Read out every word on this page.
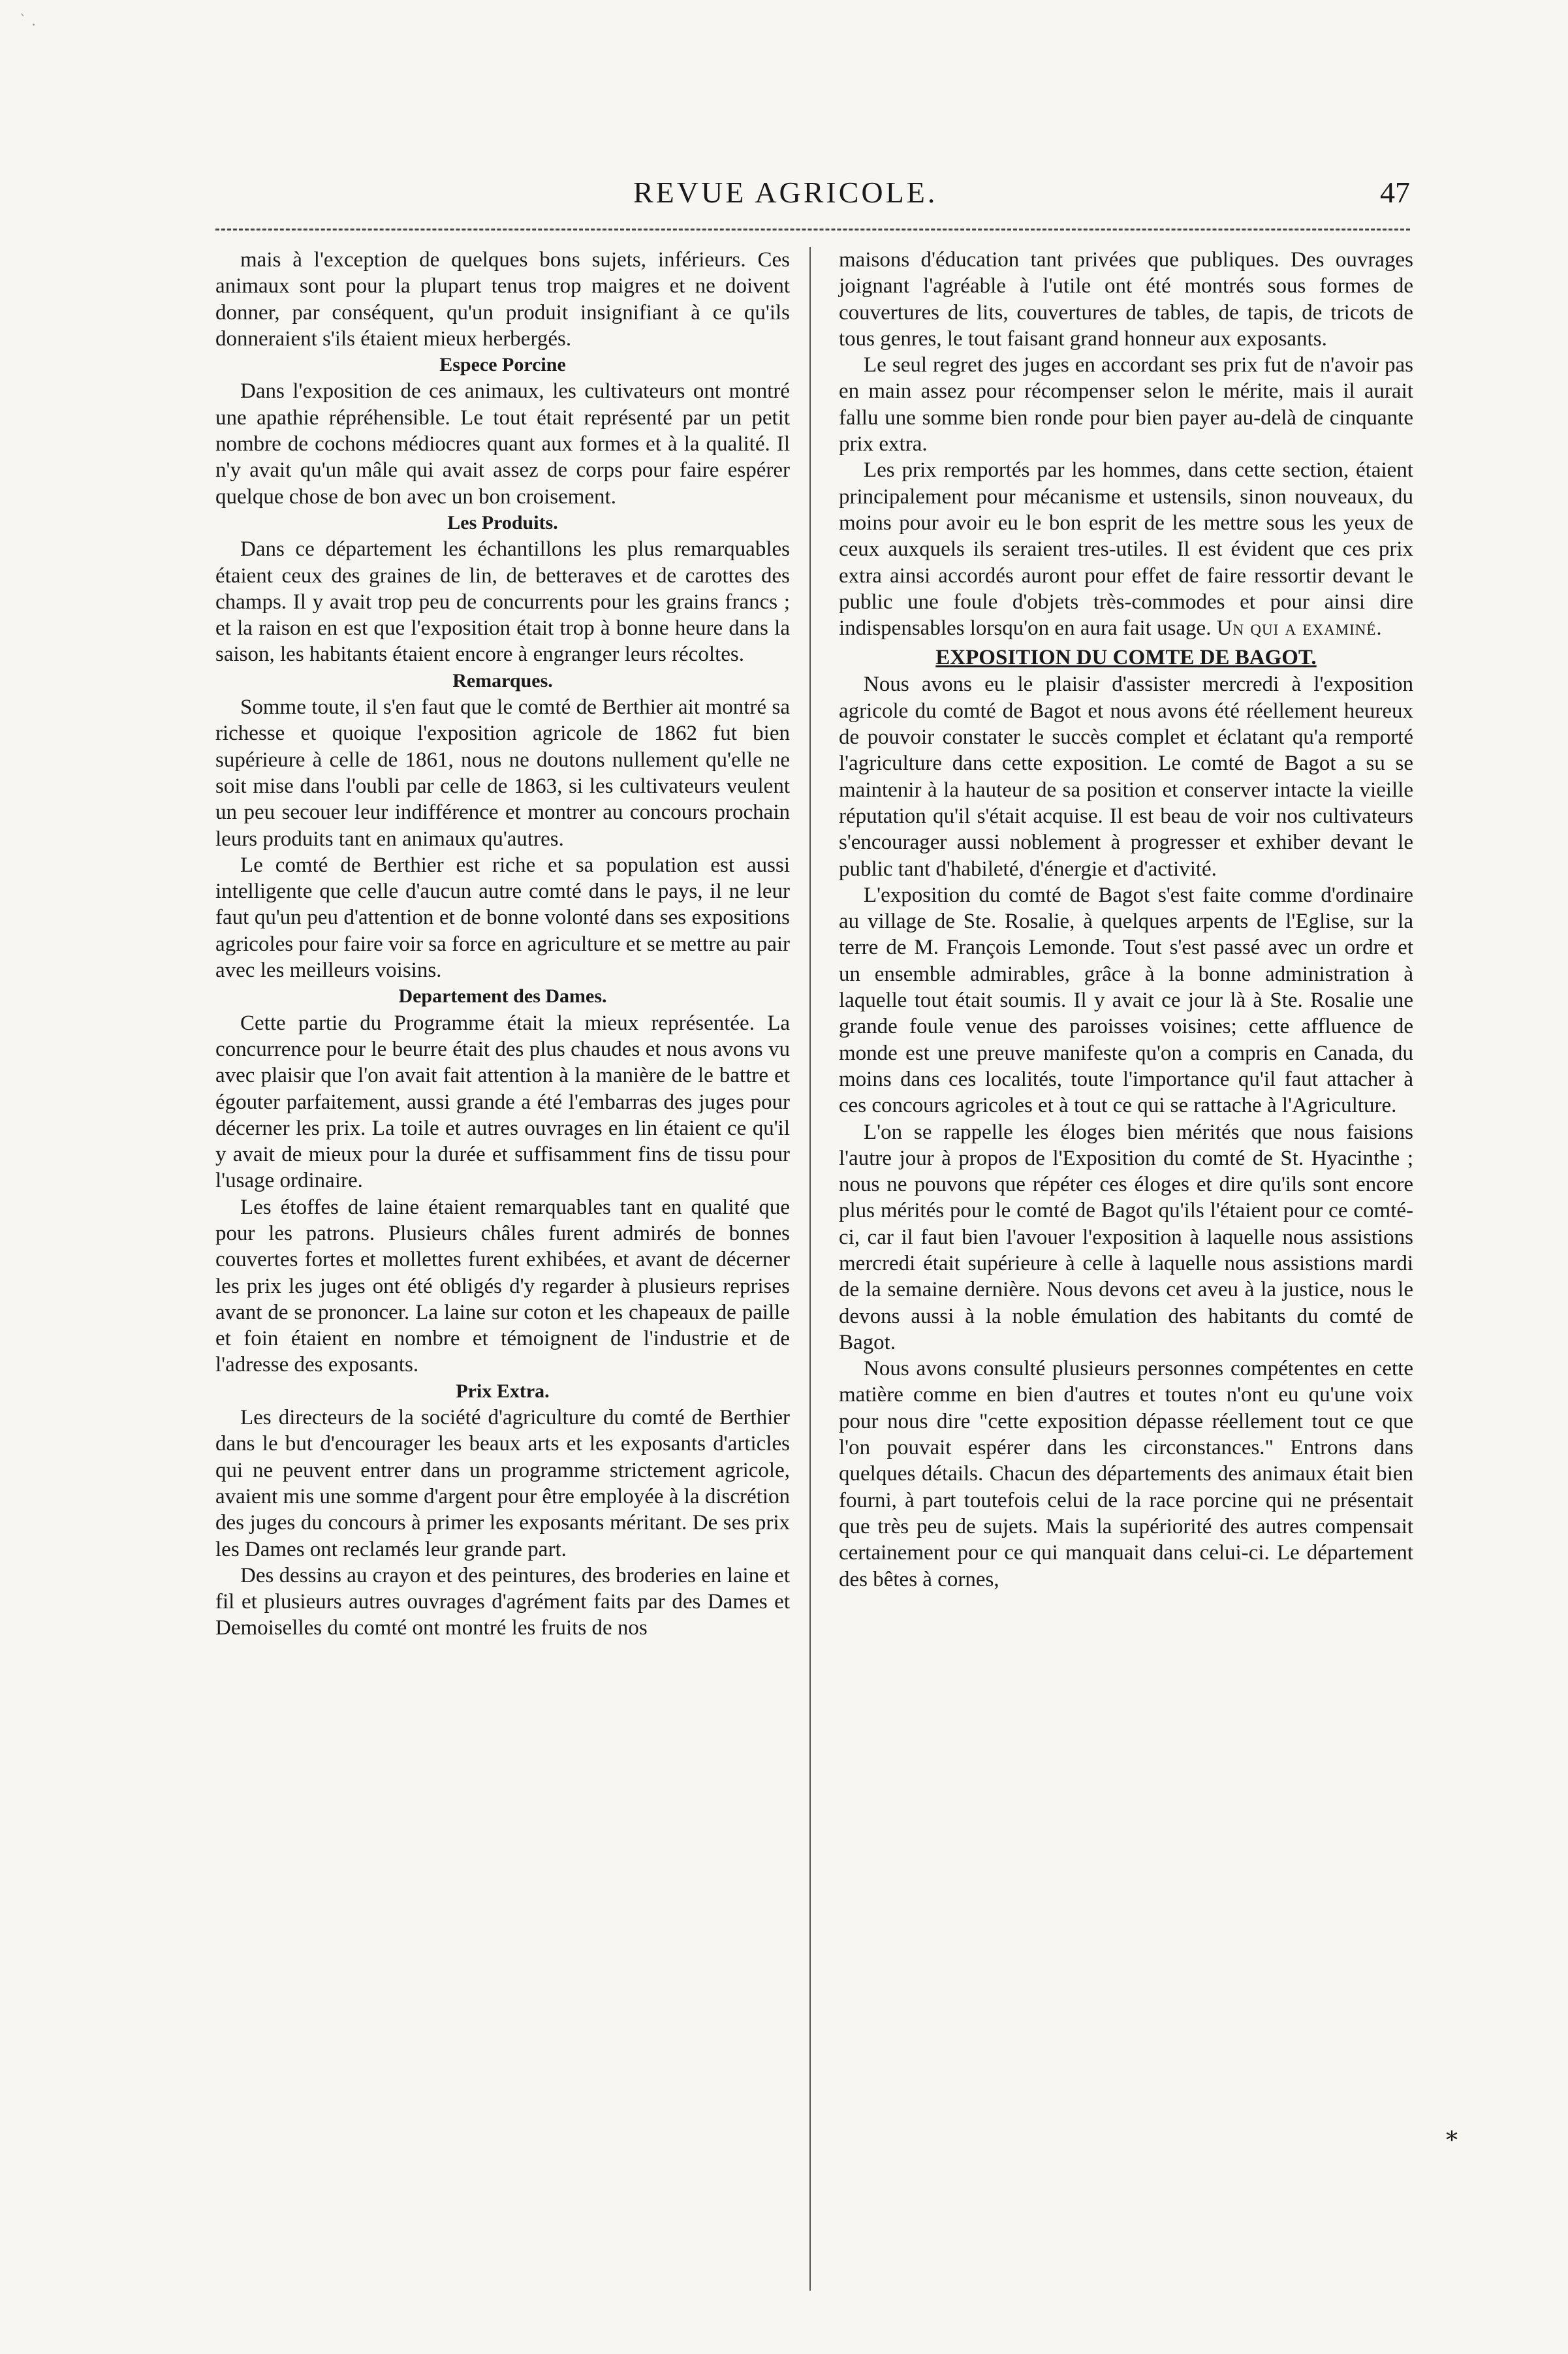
` .
REVUE AGRICOLE.	47

mais à l'exception de quelques bons sujets, inférieurs. Ces animaux sont pour la plupart tenus trop maigres et ne doivent donner, par conséquent, qu'un produit insignifiant à ce qu'ils donneraient s'ils étaient mieux herbergés.

Espece Porcine

Dans l'exposition de ces animaux, les cultivateurs ont montré une apathie répréhensible. Le tout était représenté par un petit nombre de cochons médiocres quant aux formes et à la qualité. Il n'y avait qu'un mâle qui avait assez de corps pour faire espérer quelque chose de bon avec un bon croisement.

Les Produits.

Dans ce département les échantillons les plus remarquables étaient ceux des graines de lin, de betteraves et de carottes des champs. Il y avait trop peu de concurrents pour les grains francs ; et la raison en est que l'exposition était trop à bonne heure dans la saison, les habitants étaient encore à engranger leurs récoltes.

Remarques.

Somme toute, il s'en faut que le comté de Berthier ait montré sa richesse et quoique l'exposition agricole de 1862 fut bien supérieure à celle de 1861, nous ne doutons nullement qu'elle ne soit mise dans l'oubli par celle de 1863, si les cultivateurs veulent un peu secouer leur indifférence et montrer au concours prochain leurs produits tant en animaux qu'autres.

Le comté de Berthier est riche et sa population est aussi intelligente que celle d'aucun autre comté dans le pays, il ne leur faut qu'un peu d'attention et de bonne volonté dans ses expositions agricoles pour faire voir sa force en agriculture et se mettre au pair avec les meilleurs voisins.

Departement des Dames.

Cette partie du Programme était la mieux représentée. La concurrence pour le beurre était des plus chaudes et nous avons vu avec plaisir que l'on avait fait attention à la manière de le battre et égouter parfaitement, aussi grande a été l'embarras des juges pour décerner les prix. La toile et autres ouvrages en lin étaient ce qu'il y avait de mieux pour la durée et suffisamment fins de tissu pour l'usage ordinaire.

Les étoffes de laine étaient remarquables tant en qualité que pour les patrons. Plusieurs châles furent admirés de bonnes couvertes fortes et mollettes furent exhibées, et avant de décerner les prix les juges ont été obligés d'y regarder à plusieurs reprises avant de se prononcer. La laine sur coton et les chapeaux de paille et foin étaient en nombre et témoignent de l'industrie et de l'adresse des exposants.

Prix Extra.

Les directeurs de la société d'agriculture du comté de Berthier dans le but d'encourager les beaux arts et les exposants d'articles qui ne peuvent entrer dans un programme strictement agricole, avaient mis une somme d'argent pour être employée à la discrétion des juges du concours à primer les exposants méritant. De ses prix les Dames ont reclamés leur grande part.

Des dessins au crayon et des peintures, des broderies en laine et fil et plusieurs autres ouvrages d'agrément faits par des Dames et Demoiselles du comté ont montré les fruits de nos

maisons d'éducation tant privées que publiques. Des ouvrages joignant l'agréable à l'utile ont été montrés sous formes de couvertures de lits, couvertures de tables, de tapis, de tricots de tous genres, le tout faisant grand honneur aux exposants.

Le seul regret des juges en accordant ses prix fut de n'avoir pas en main assez pour récompenser selon le mérite, mais il aurait fallu une somme bien ronde pour bien payer au-delà de cinquante prix extra.

Les prix remportés par les hommes, dans cette section, étaient principalement pour mécanisme et ustensils, sinon nouveaux, du moins pour avoir eu le bon esprit de les mettre sous les yeux de ceux auxquels ils seraient tres-utiles. Il est évident que ces prix extra ainsi accordés auront pour effet de faire ressortir devant le public une foule d'objets très-commodes et pour ainsi dire indispensables lorsqu'on en aura fait usage. Un qui a examiné.

EXPOSITION DU COMTE DE BAGOT.

Nous avons eu le plaisir d'assister mercredi à l'exposition agricole du comté de Bagot et nous avons été réellement heureux de pouvoir constater le succès complet et éclatant qu'a remporté l'agriculture dans cette exposition. Le comté de Bagot a su se maintenir à la hauteur de sa position et conserver intacte la vieille réputation qu'il s'était acquise. Il est beau de voir nos cultivateurs s'encourager aussi noblement à progresser et exhiber devant le public tant d'habileté, d'énergie et d'activité.

L'exposition du comté de Bagot s'est faite comme d'ordinaire au village de Ste. Rosalie, à quelques arpents de l'Eglise, sur la terre de M. François Lemonde. Tout s'est passé avec un ordre et un ensemble admirables, grâce à la bonne administration à laquelle tout était soumis. Il y avait ce jour là à Ste. Rosalie une grande foule venue des paroisses voisines; cette affluence de monde est une preuve manifeste qu'on a compris en Canada, du moins dans ces localités, toute l'importance qu'il faut attacher à ces concours agricoles et à tout ce qui se rattache à l'Agriculture.

L'on se rappelle les éloges bien mérités que nous faisions l'autre jour à propos de l'Exposition du comté de St. Hyacinthe ; nous ne pouvons que répéter ces éloges et dire qu'ils sont encore plus mérités pour le comté de Bagot qu'ils l'étaient pour ce comté-ci, car il faut bien l'avouer l'exposition à laquelle nous assistions mercredi était supérieure à celle à laquelle nous assistions mardi de la semaine dernière. Nous devons cet aveu à la justice, nous le devons aussi à la noble émulation des habitants du comté de Bagot.

Nous avons consulté plusieurs personnes compétentes en cette matière comme en bien d'autres et toutes n'ont eu qu'une voix pour nous dire "cette exposition dépasse réellement tout ce que l'on pouvait espérer dans les circonstances." Entrons dans quelques détails. Chacun des départements des animaux était bien fourni, à part toutefois celui de la race porcine qui ne présentait que très peu de sujets. Mais la supériorité des autres compensait certainement pour ce qui manquait dans celui-ci. Le département des bêtes à cornes,

*
